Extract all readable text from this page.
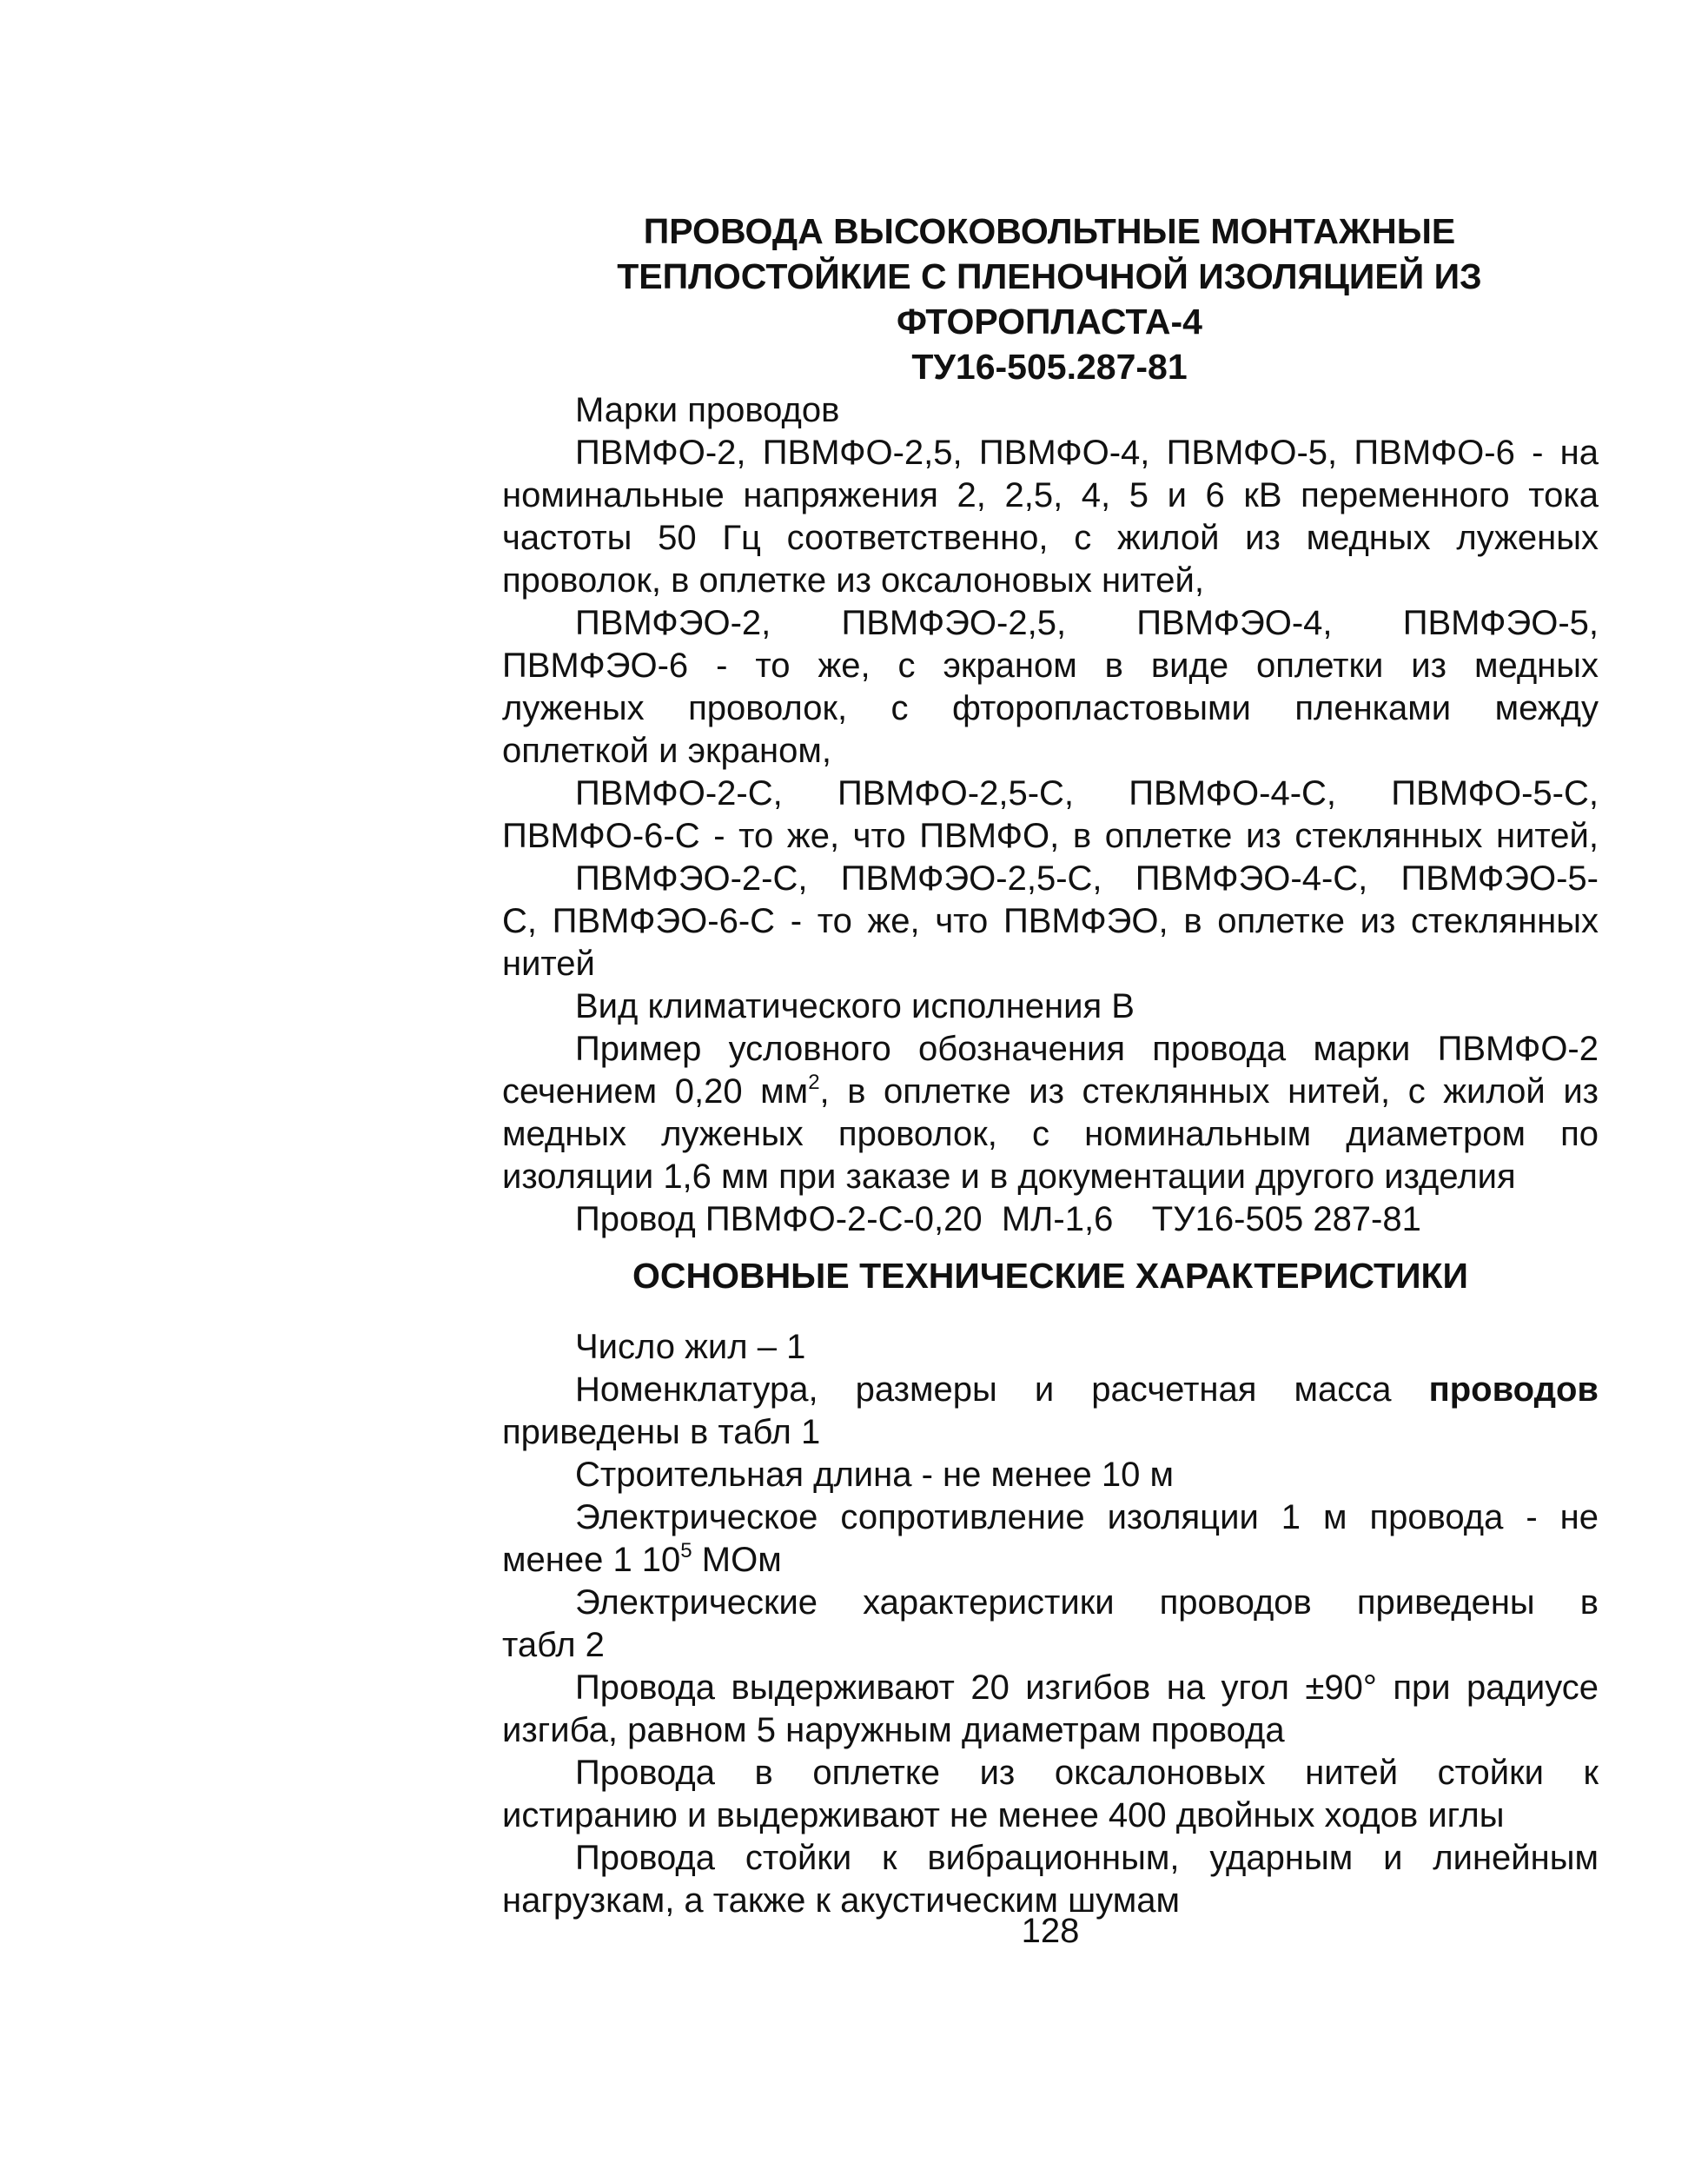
ПРОВОДА ВЫСОКОВОЛЬТНЫЕ МОНТАЖНЫЕ
ТЕПЛОСТОЙКИЕ С ПЛЕНОЧНОЙ ИЗОЛЯЦИЕЙ ИЗ
ФТОРОПЛАСТА-4
ТУ16-505.287-81
Марки проводов
ПВМФО-2, ПВМФО-2,5, ПВМФО-4, ПВМФО-5, ПВМФО-6 - на
номинальные напряжения 2, 2,5, 4, 5 и 6 кВ переменного тока
частоты 50 Гц соответственно, с жилой из медных луженых
проволок, в оплетке из оксалоновых нитей,
ПВМФЭО-2, ПВМФЭО-2,5, ПВМФЭО-4, ПВМФЭО-5,
ПВМФЭО-6 - то же, с экраном в виде оплетки из медных
луженых проволок, с фторопластовыми пленками между
оплеткой и экраном,
ПВМФО-2-С, ПВМФО-2,5-С, ПВМФО-4-С, ПВМФО-5-С,
ПВМФО-6-С - то же, что ПВМФО, в оплетке из стеклянных нитей,
ПВМФЭО-2-С, ПВМФЭО-2,5-С, ПВМФЭО-4-С, ПВМФЭО-5-
С, ПВМФЭО-6-С - то же, что ПВМФЭО, в оплетке из стеклянных
нитей
Вид климатического исполнения В
Пример условного обозначения провода марки ПВМФО-2
сечением 0,20 $мм^2$, в оплетке из стеклянных нитей, с жилой из
медных луженых проволок, с номинальным диаметром по
изоляции 1,6 мм при заказе и в документации другого изделия
Провод ПВМФО-2-С-0,20  МЛ-1,6    ТУ16-505 287-81
ОСНОВНЫЕ ТЕХНИЧЕСКИЕ ХАРАКТЕРИСТИКИ
Число жил – 1
Номенклатура, размеры и расчетная масса проводов
приведены в табл 1
Строительная длина - не менее 10 м
Электрическое сопротивление изоляции 1 м провода - не
менее 1 $10^5$ МОм
Электрические характеристики проводов приведены в
табл 2
Провода выдерживают 20 изгибов на угол ±90° при радиусе
изгиба, равном 5 наружным диаметрам провода
Провода в оплетке из оксалоновых нитей стойки к
истиранию и выдерживают не менее 400 двойных ходов иглы
Провода стойки к вибрационным, ударным и линейным
нагрузкам, а также к акустическим шумам
128
